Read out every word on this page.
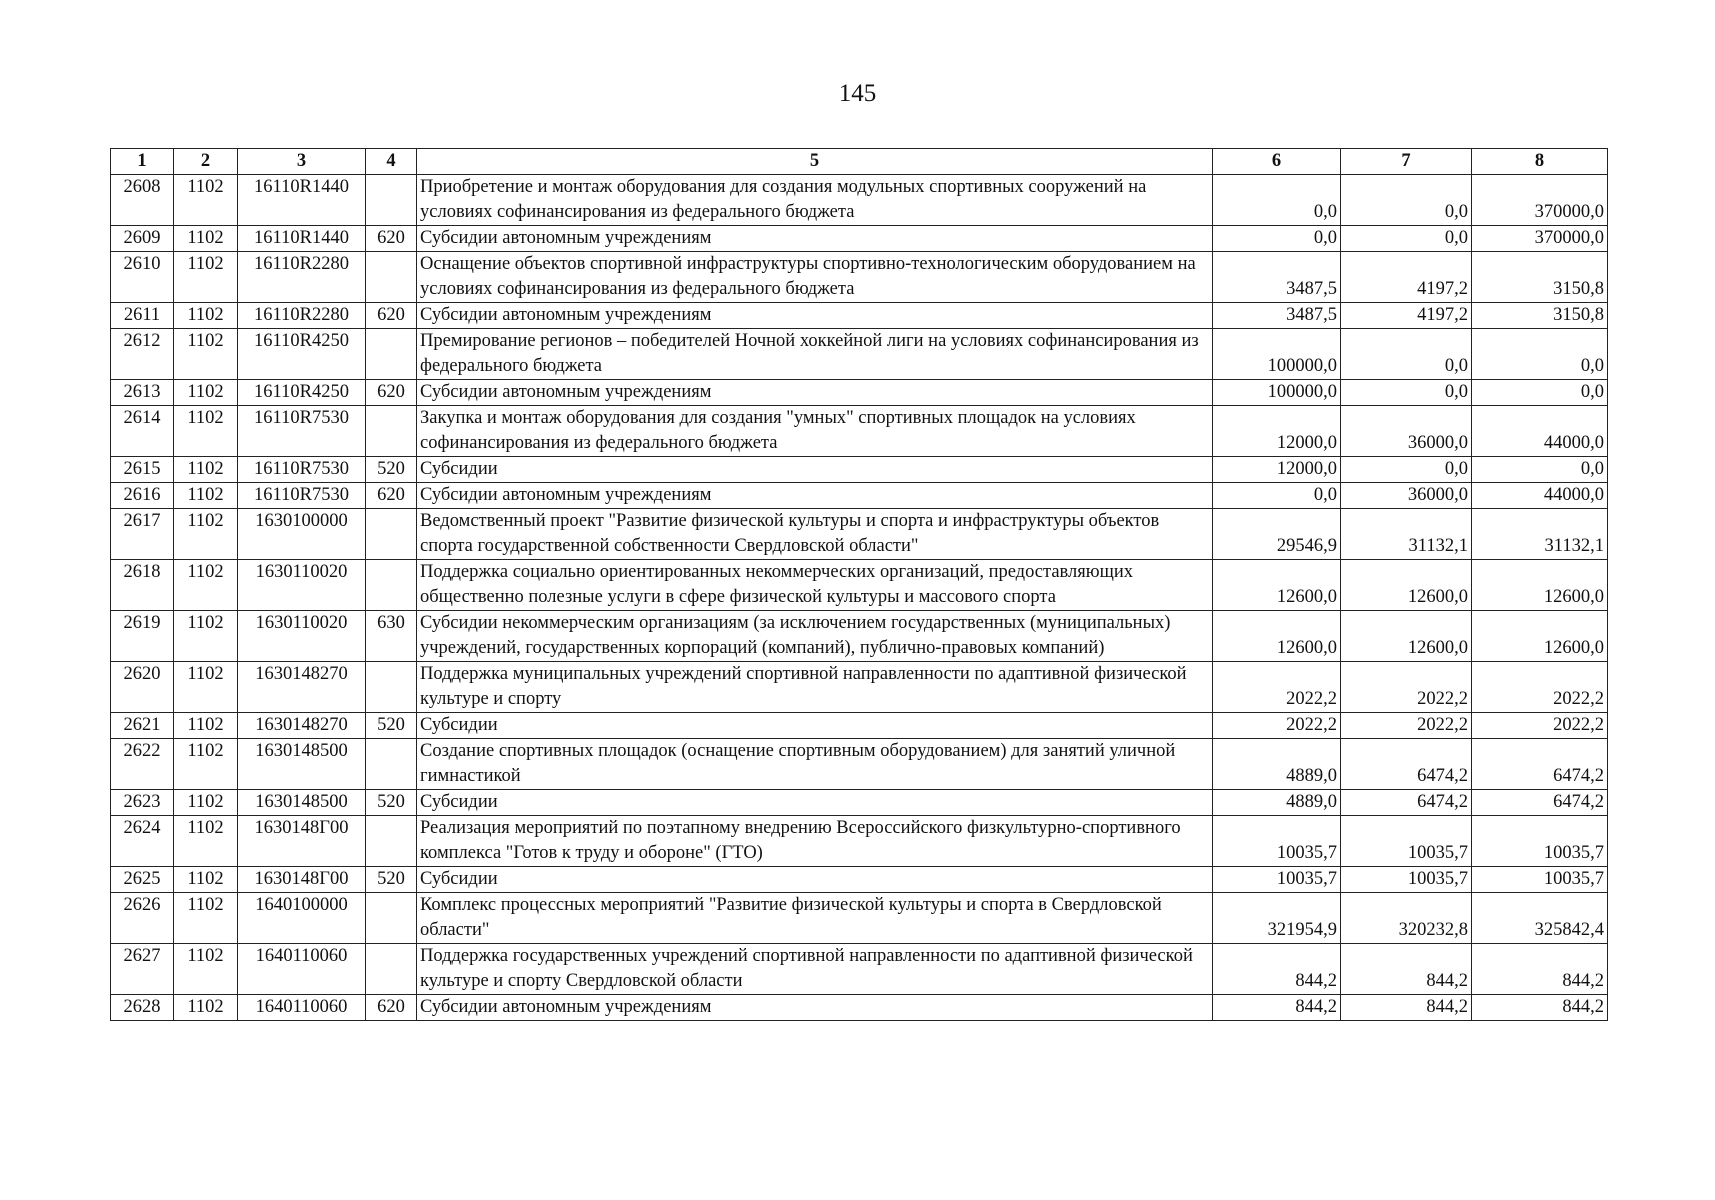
145
1	2	3	4	5	6	7	8
2608	1102	16110R1440		Приобретение и монтаж оборудования для создания модульных спортивных сооружений на условиях софинансирования из федерального бюджета	0,0	0,0	370000,0
2609	1102	16110R1440	620	Субсидии автономным учреждениям	0,0	0,0	370000,0
2610	1102	16110R2280		Оснащение объектов спортивной инфраструктуры спортивно-технологическим оборудованием на условиях софинансирования из федерального бюджета	3487,5	4197,2	3150,8
2611	1102	16110R2280	620	Субсидии автономным учреждениям	3487,5	4197,2	3150,8
2612	1102	16110R4250		Премирование регионов – победителей Ночной хоккейной лиги на условиях софинансирования из федерального бюджета	100000,0	0,0	0,0
2613	1102	16110R4250	620	Субсидии автономным учреждениям	100000,0	0,0	0,0
2614	1102	16110R7530		Закупка и монтаж оборудования для создания "умных" спортивных площадок на условиях софинансирования из федерального бюджета	12000,0	36000,0	44000,0
2615	1102	16110R7530	520	Субсидии	12000,0	0,0	0,0
2616	1102	16110R7530	620	Субсидии автономным учреждениям	0,0	36000,0	44000,0
2617	1102	1630100000		Ведомственный проект "Развитие физической культуры и спорта и инфраструктуры объектов спорта государственной собственности Свердловской области"	29546,9	31132,1	31132,1
2618	1102	1630110020		Поддержка социально ориентированных некоммерческих организаций, предоставляющих общественно полезные услуги в сфере физической культуры и массового спорта	12600,0	12600,0	12600,0
2619	1102	1630110020	630	Субсидии некоммерческим организациям (за исключением государственных (муниципальных) учреждений, государственных корпораций (компаний), публично-правовых компаний)	12600,0	12600,0	12600,0
2620	1102	1630148270		Поддержка муниципальных учреждений спортивной направленности по адаптивной физической культуре и спорту	2022,2	2022,2	2022,2
2621	1102	1630148270	520	Субсидии	2022,2	2022,2	2022,2
2622	1102	1630148500		Создание спортивных площадок (оснащение спортивным оборудованием) для занятий уличной гимнастикой	4889,0	6474,2	6474,2
2623	1102	1630148500	520	Субсидии	4889,0	6474,2	6474,2
2624	1102	1630148Г00		Реализация мероприятий по поэтапному внедрению Всероссийского физкультурно-спортивного комплекса "Готов к труду и обороне" (ГТО)	10035,7	10035,7	10035,7
2625	1102	1630148Г00	520	Субсидии	10035,7	10035,7	10035,7
2626	1102	1640100000		Комплекс процессных мероприятий "Развитие физической культуры и спорта в Свердловской области"	321954,9	320232,8	325842,4
2627	1102	1640110060		Поддержка государственных учреждений спортивной направленности по адаптивной физической культуре и спорту Свердловской области	844,2	844,2	844,2
2628	1102	1640110060	620	Субсидии автономным учреждениям	844,2	844,2	844,2
